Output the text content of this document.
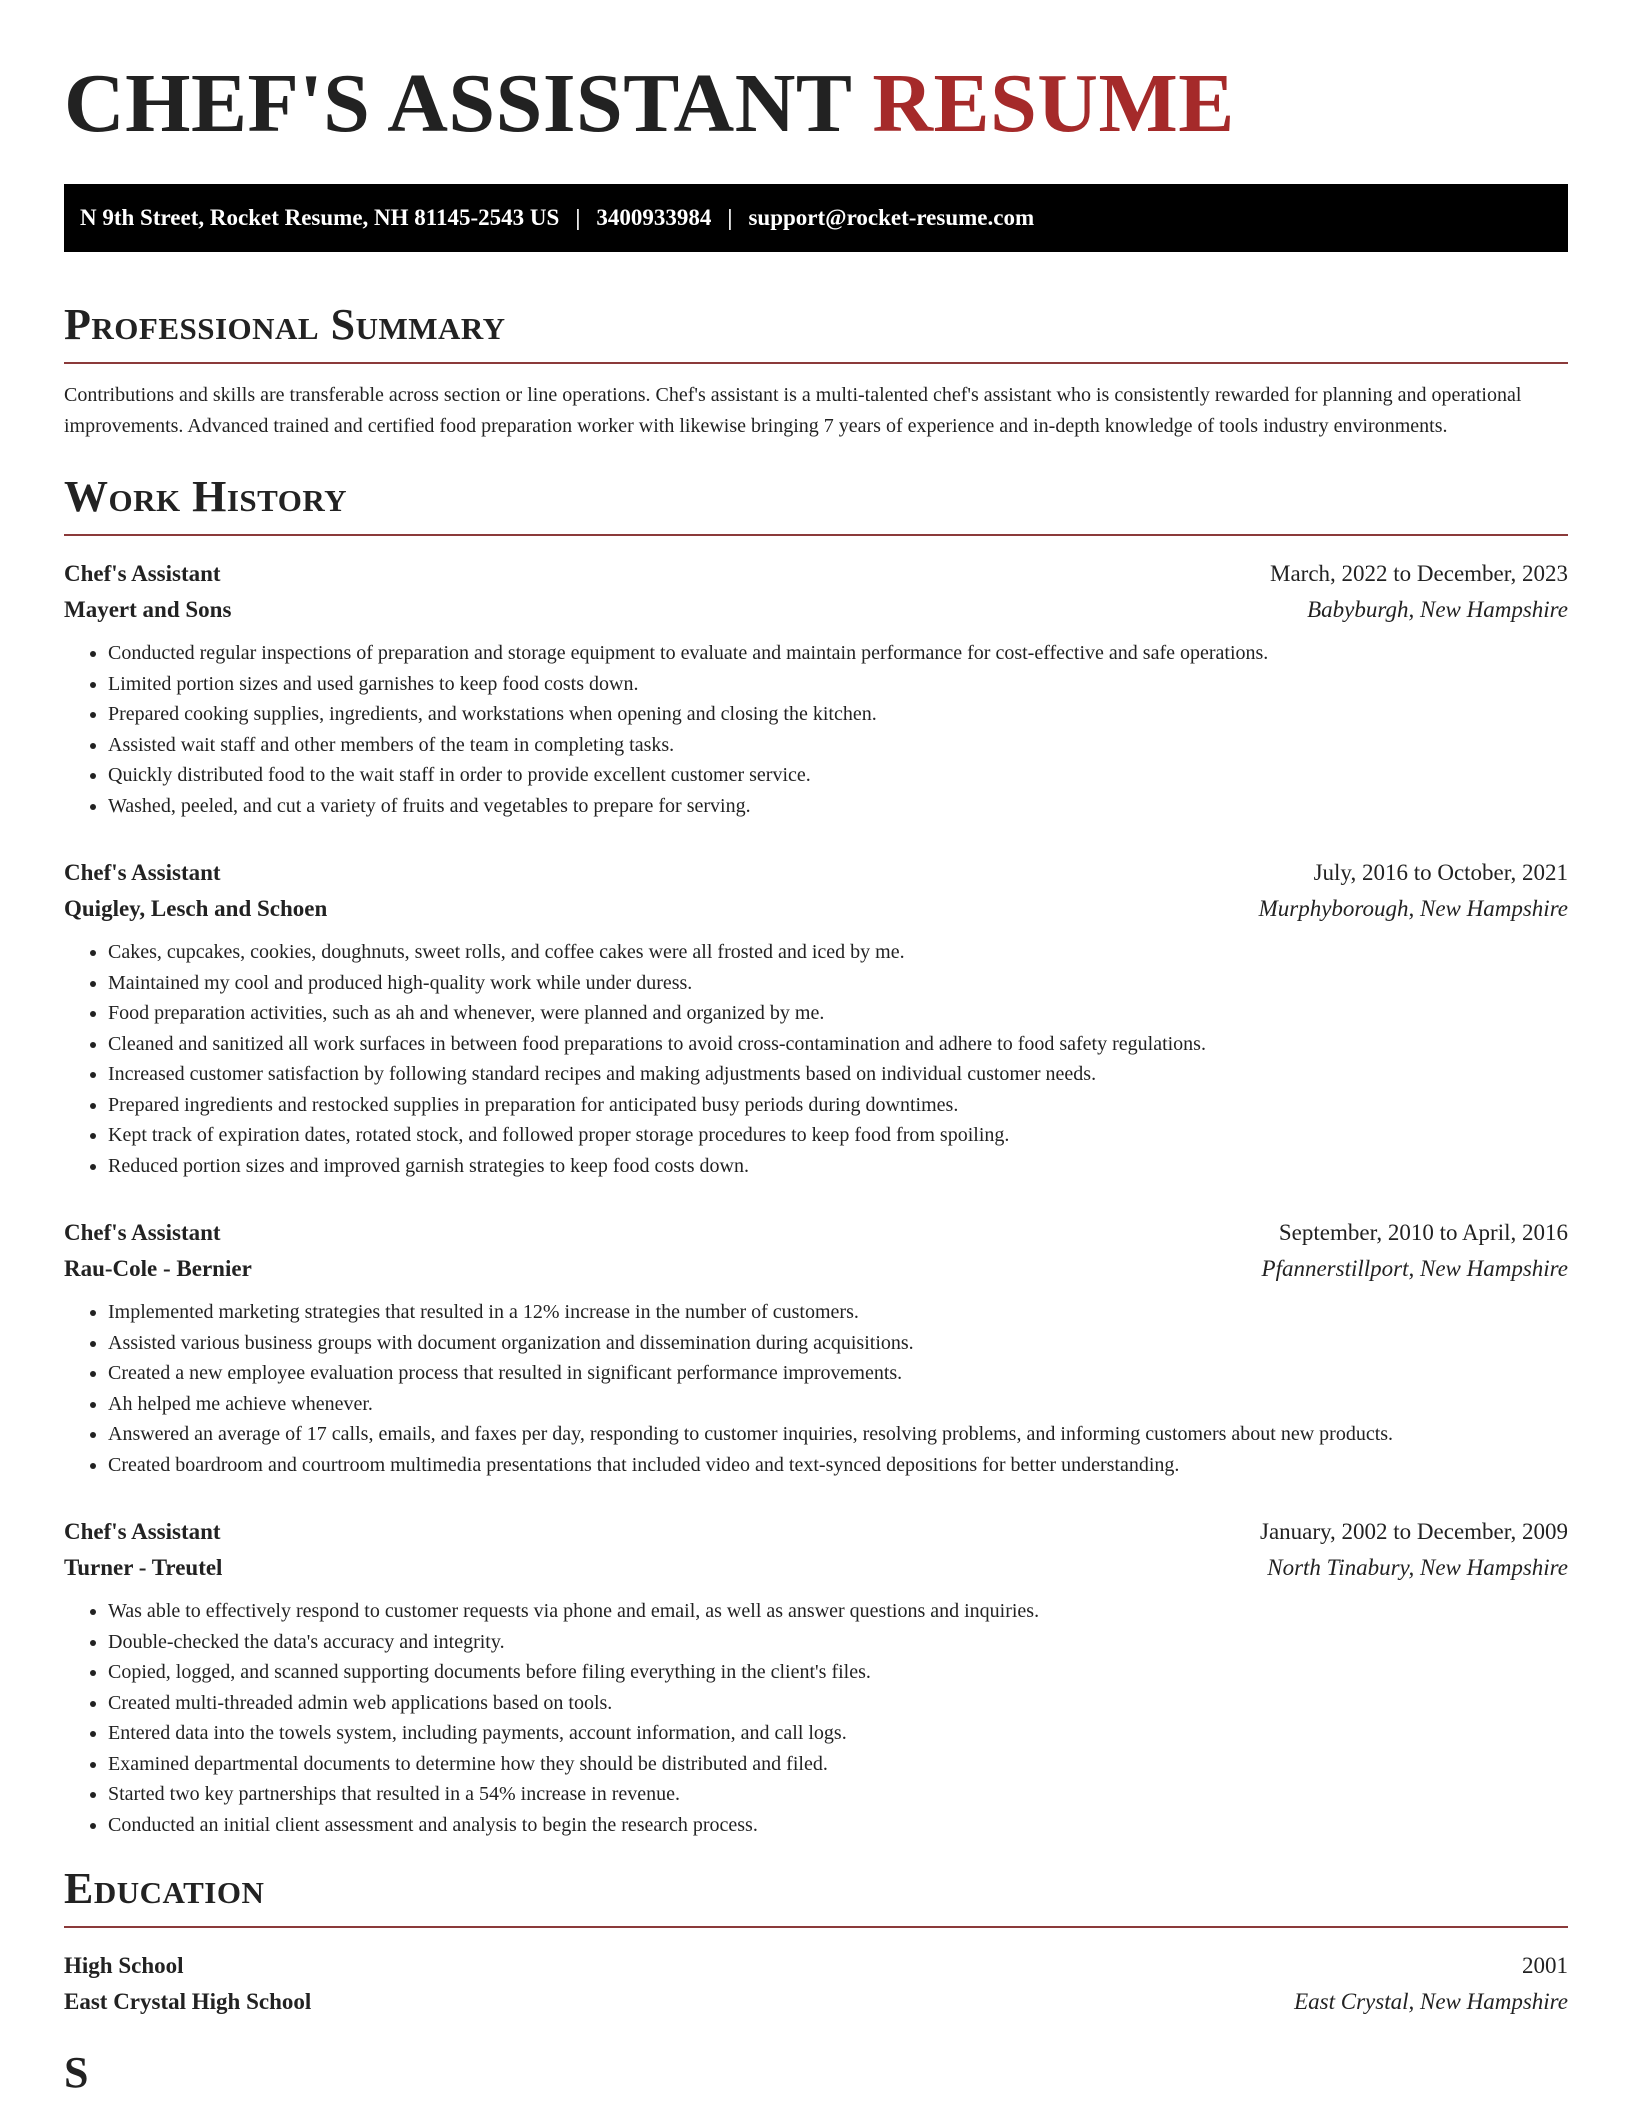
CHEF'S ASSISTANT RESUME
N 9th Street, Rocket Resume, NH 81145-2543 US | 3400933984 | support@rocket-resume.com
Professional Summary

Contributions and skills are transferable across section or line operations. Chef's assistant is a multi-talented chef's assistant who is consistently rewarded for planning and operational improvements. Advanced trained and certified food preparation worker with likewise bringing 7 years of experience and in-depth knowledge of tools industry environments.

Work History
Chef's Assistant	March, 2022 to December, 2023
Mayert and Sons	Babyburgh, New Hampshire
• Conducted regular inspections of preparation and storage equipment to evaluate and maintain performance for cost-effective and safe operations.
• Limited portion sizes and used garnishes to keep food costs down.
• Prepared cooking supplies, ingredients, and workstations when opening and closing the kitchen.
• Assisted wait staff and other members of the team in completing tasks.
• Quickly distributed food to the wait staff in order to provide excellent customer service.
• Washed, peeled, and cut a variety of fruits and vegetables to prepare for serving.
Chef's Assistant	July, 2016 to October, 2021
Quigley, Lesch and Schoen	Murphyborough, New Hampshire
• Cakes, cupcakes, cookies, doughnuts, sweet rolls, and coffee cakes were all frosted and iced by me.
• Maintained my cool and produced high-quality work while under duress.
• Food preparation activities, such as ah and whenever, were planned and organized by me.
• Cleaned and sanitized all work surfaces in between food preparations to avoid cross-contamination and adhere to food safety regulations.
• Increased customer satisfaction by following standard recipes and making adjustments based on individual customer needs.
• Prepared ingredients and restocked supplies in preparation for anticipated busy periods during downtimes.
• Kept track of expiration dates, rotated stock, and followed proper storage procedures to keep food from spoiling.
• Reduced portion sizes and improved garnish strategies to keep food costs down.
Chef's Assistant	September, 2010 to April, 2016
Rau-Cole - Bernier	Pfannerstillport, New Hampshire
• Implemented marketing strategies that resulted in a 12% increase in the number of customers.
• Assisted various business groups with document organization and dissemination during acquisitions.
• Created a new employee evaluation process that resulted in significant performance improvements.
• Ah helped me achieve whenever.
• Answered an average of 17 calls, emails, and faxes per day, responding to customer inquiries, resolving problems, and informing customers about new products.
• Created boardroom and courtroom multimedia presentations that included video and text-synced depositions for better understanding.
Chef's Assistant	January, 2002 to December, 2009
Turner - Treutel	North Tinabury, New Hampshire
• Was able to effectively respond to customer requests via phone and email, as well as answer questions and inquiries.
• Double-checked the data's accuracy and integrity.
• Copied, logged, and scanned supporting documents before filing everything in the client's files.
• Created multi-threaded admin web applications based on tools.
• Entered data into the towels system, including payments, account information, and call logs.
• Examined departmental documents to determine how they should be distributed and filed.
• Started two key partnerships that resulted in a 54% increase in revenue.
• Conducted an initial client assessment and analysis to begin the research process.
Education
High School	2001
East Crystal High School	East Crystal, New Hampshire
S
